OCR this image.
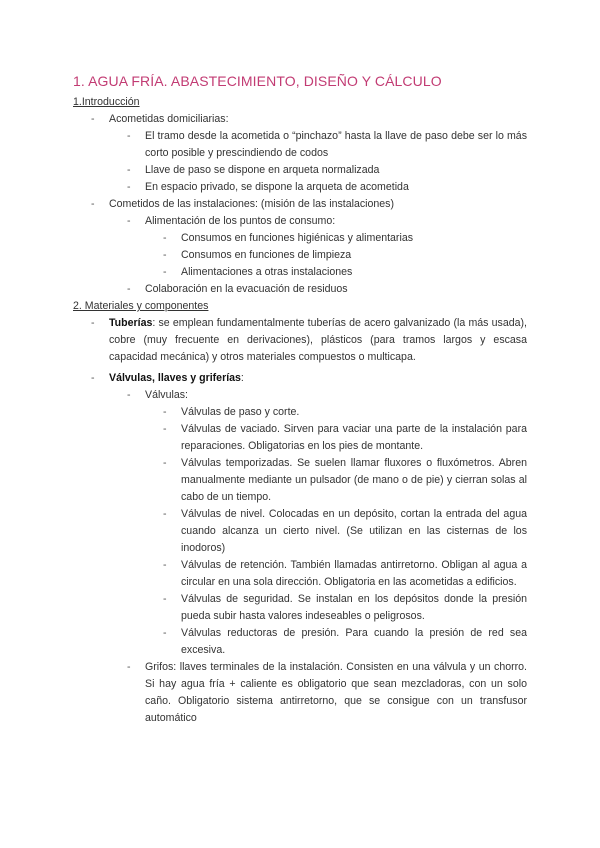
1. AGUA FRÍA. ABASTECIMIENTO, DISEÑO Y CÁLCULO
1.Introducción
- Acometidas domiciliarias:
- El tramo desde la acometida o “pinchazo” hasta la llave de paso debe ser lo más corto posible y prescindiendo de codos
- Llave de paso se dispone en arqueta normalizada
- En espacio privado, se dispone la arqueta de acometida
- Cometidos de las instalaciones: (misión de las instalaciones)
- Alimentación de los puntos de consumo:
- Consumos en funciones higiénicas y alimentarias
- Consumos en funciones de limpieza
- Alimentaciones a otras instalaciones
- Colaboración en la evacuación de residuos
2. Materiales y componentes
- Tuberías: se emplean fundamentalmente tuberías de acero galvanizado (la más usada), cobre (muy frecuente en derivaciones), plásticos (para tramos largos y escasa capacidad mecánica) y otros materiales compuestos o multicapa.
- Válvulas, llaves y griferías:
- Válvulas:
- Válvulas de paso y corte.
- Válvulas de vaciado. Sirven para vaciar una parte de la instalación para reparaciones. Obligatorias en los pies de montante.
- Válvulas temporizadas. Se suelen llamar fluxores o fluxómetros. Abren manualmente mediante un pulsador (de mano o de pie) y cierran solas al cabo de un tiempo.
- Válvulas de nivel. Colocadas en un depósito, cortan la entrada del agua cuando alcanza un cierto nivel. (Se utilizan en las cisternas de los inodoros)
- Válvulas de retención. También llamadas antirretorno. Obligan al agua a circular en una sola dirección. Obligatoria en las acometidas a edificios.
- Válvulas de seguridad. Se instalan en los depósitos donde la presión pueda subir hasta valores indeseables o peligrosos.
- Válvulas reductoras de presión. Para cuando la presión de red sea excesiva.
- Grifos: llaves terminales de la instalación. Consisten en una válvula y un chorro. Si hay agua fría + caliente es obligatorio que sean mezcladoras, con un solo caño. Obligatorio sistema antirretorno, que se consigue con un transfusor automático
